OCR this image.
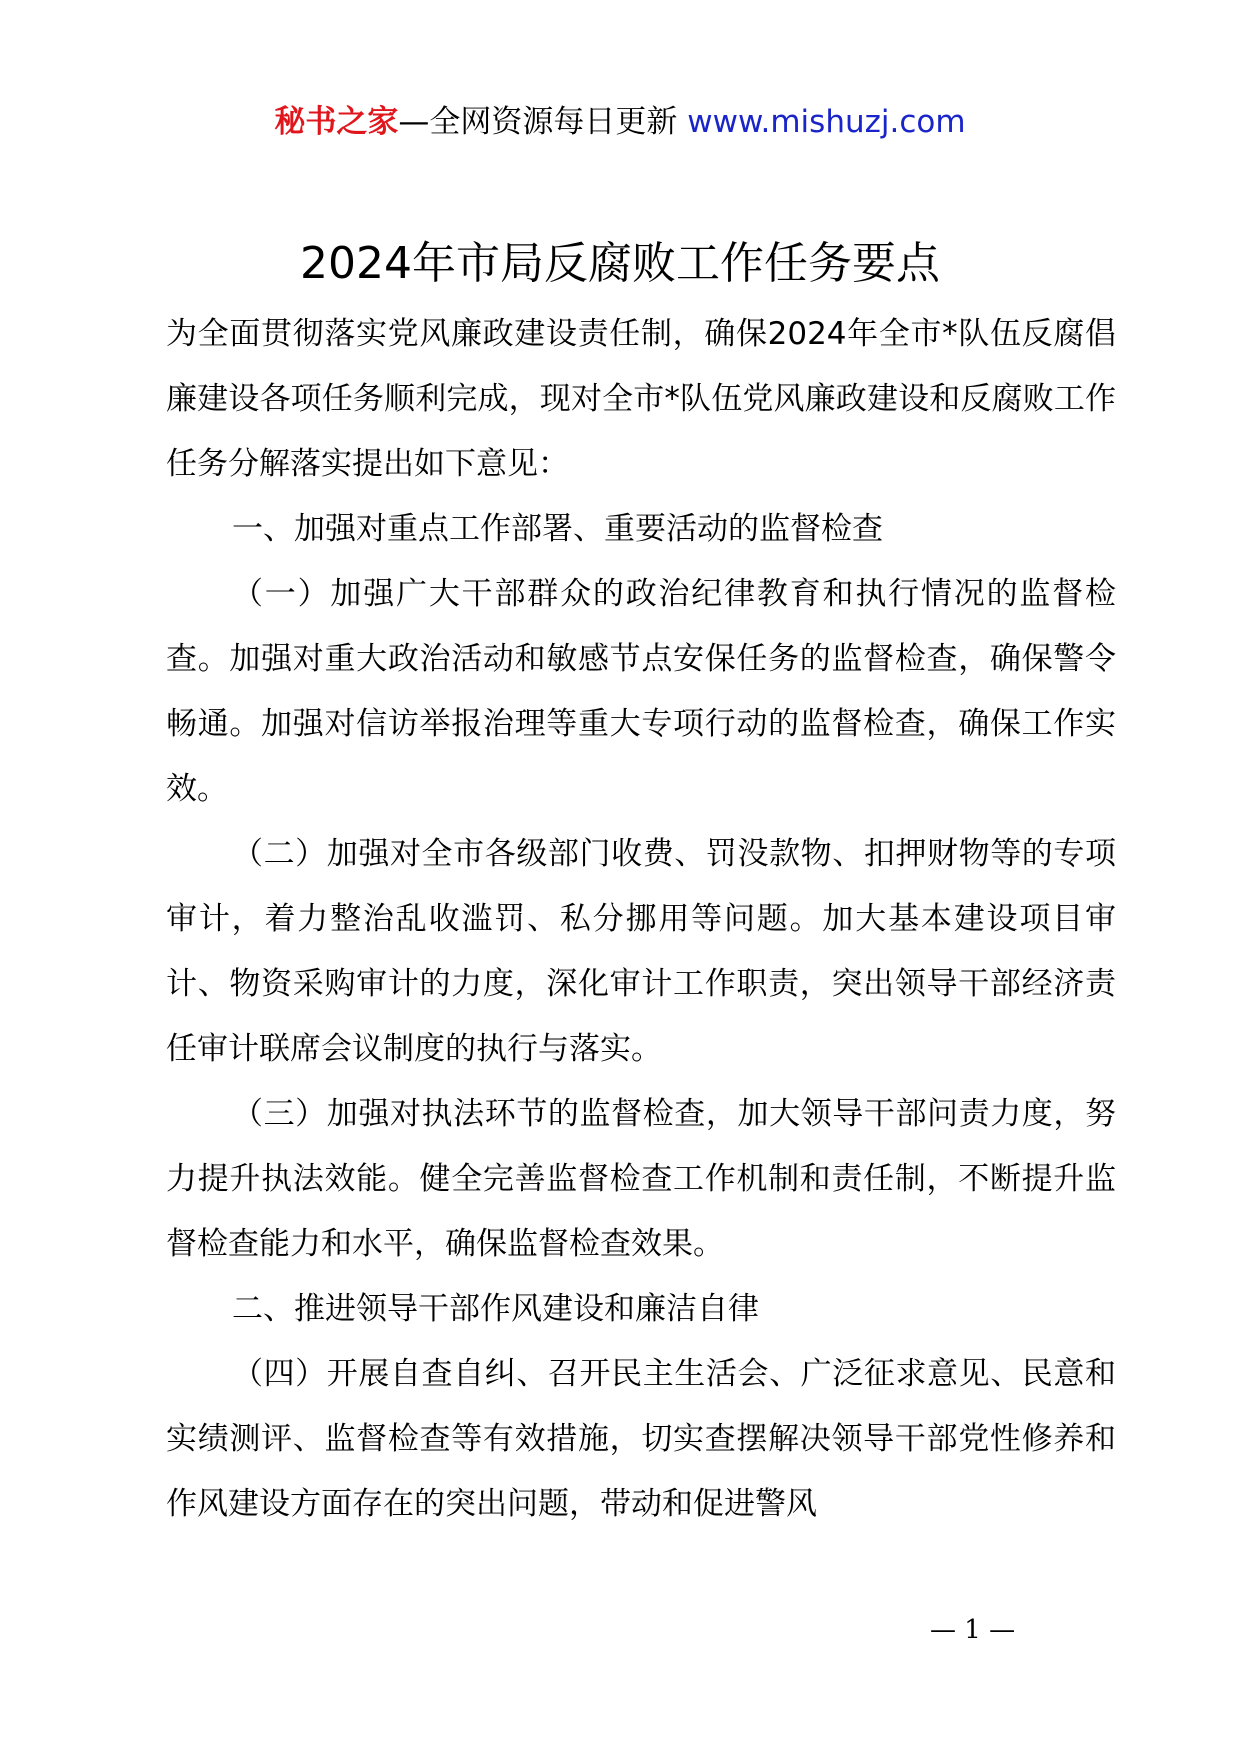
秘书之家—全网资源每日更新 www.mishuzj.com
2024年市局反腐败工作任务要点

为全面贯彻落实党风廉政建设责任制，确保2024年全市*队伍反腐倡廉建设各项任务顺利完成，现对全市*队伍党风廉政建设和反腐败工作任务分解落实提出如下意见：

一、加强对重点工作部署、重要活动的监督检查

（一）加强广大干部群众的政治纪律教育和执行情况的监督检查。加强对重大政治活动和敏感节点安保任务的监督检查，确保警令畅通。加强对信访举报治理等重大专项行动的监督检查，确保工作实效。

（二）加强对全市各级部门收费、罚没款物、扣押财物等的专项审计，着力整治乱收滥罚、私分挪用等问题。加大基本建设项目审计、物资采购审计的力度，深化审计工作职责，突出领导干部经济责任审计联席会议制度的执行与落实。

（三）加强对执法环节的监督检查，加大领导干部问责力度，努力提升执法效能。健全完善监督检查工作机制和责任制，不断提升监督检查能力和水平，确保监督检查效果。

二、推进领导干部作风建设和廉洁自律

（四）开展自查自纠、召开民主生活会、广泛征求意见、民意和实绩测评、监督检查等有效措施，切实查摆解决领导干部党性修养和作风建设方面存在的突出问题，带动和促进警风

— 1 —
